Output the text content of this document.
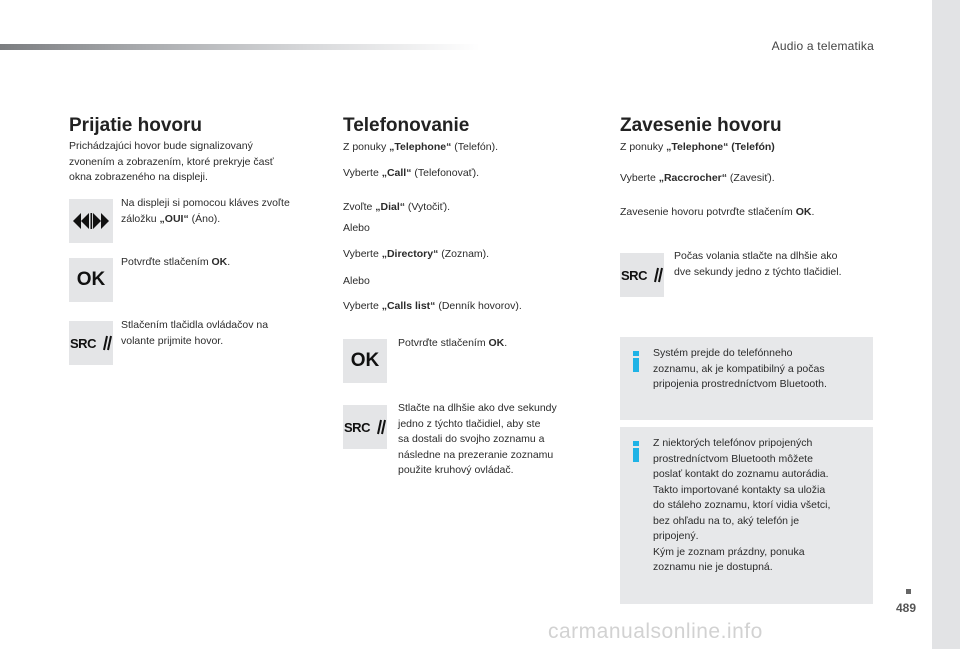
Audio a telematika
Prijatie hovoru
Prichádzajúci hovor bude signalizovaný
zvonením a zobrazením, ktoré prekryje časť
okna zobrazeného na displeji.
Na displeji si pomocou kláves zvoľte
záložku „OUI“ (Áno).
OK
Potvrďte stlačením OK.
SRC
Stlačením tlačidla ovládačov na
volante prijmite hovor.
Telefonovanie
Z ponuky „Telephone“ (Telefón).
Vyberte „Call“ (Telefonovať).
Zvoľte „Dial“ (Vytočiť).
Alebo
Vyberte „Directory“ (Zoznam).
Alebo
Vyberte „Calls list“ (Denník hovorov).
OK
Potvrďte stlačením OK.
SRC
Stlačte na dlhšie ako dve sekundy
jedno z týchto tlačidiel, aby ste
sa dostali do svojho zoznamu a
následne na prezeranie zoznamu
použite kruhový ovládač.
Zavesenie hovoru
Z ponuky „Telephone“ (Telefón)
Vyberte „Raccrocher“ (Zavesiť).
Zavesenie hovoru potvrďte stlačením OK.
SRC
Počas volania stlačte na dlhšie ako
dve sekundy jedno z týchto tlačidiel.
Systém prejde do telefónneho
zoznamu, ak je kompatibilný a počas
pripojenia prostredníctvom Bluetooth.
Z niektorých telefónov pripojených
prostredníctvom Bluetooth môžete
poslať kontakt do zoznamu autorádia.
Takto importované kontakty sa uložia
do stáleho zoznamu, ktorí vidia všetci,
bez ohľadu na to, aký telefón je
pripojený.
Kým je zoznam prázdny, ponuka
zoznamu nie je dostupná.
489
carmanualsonline.info
